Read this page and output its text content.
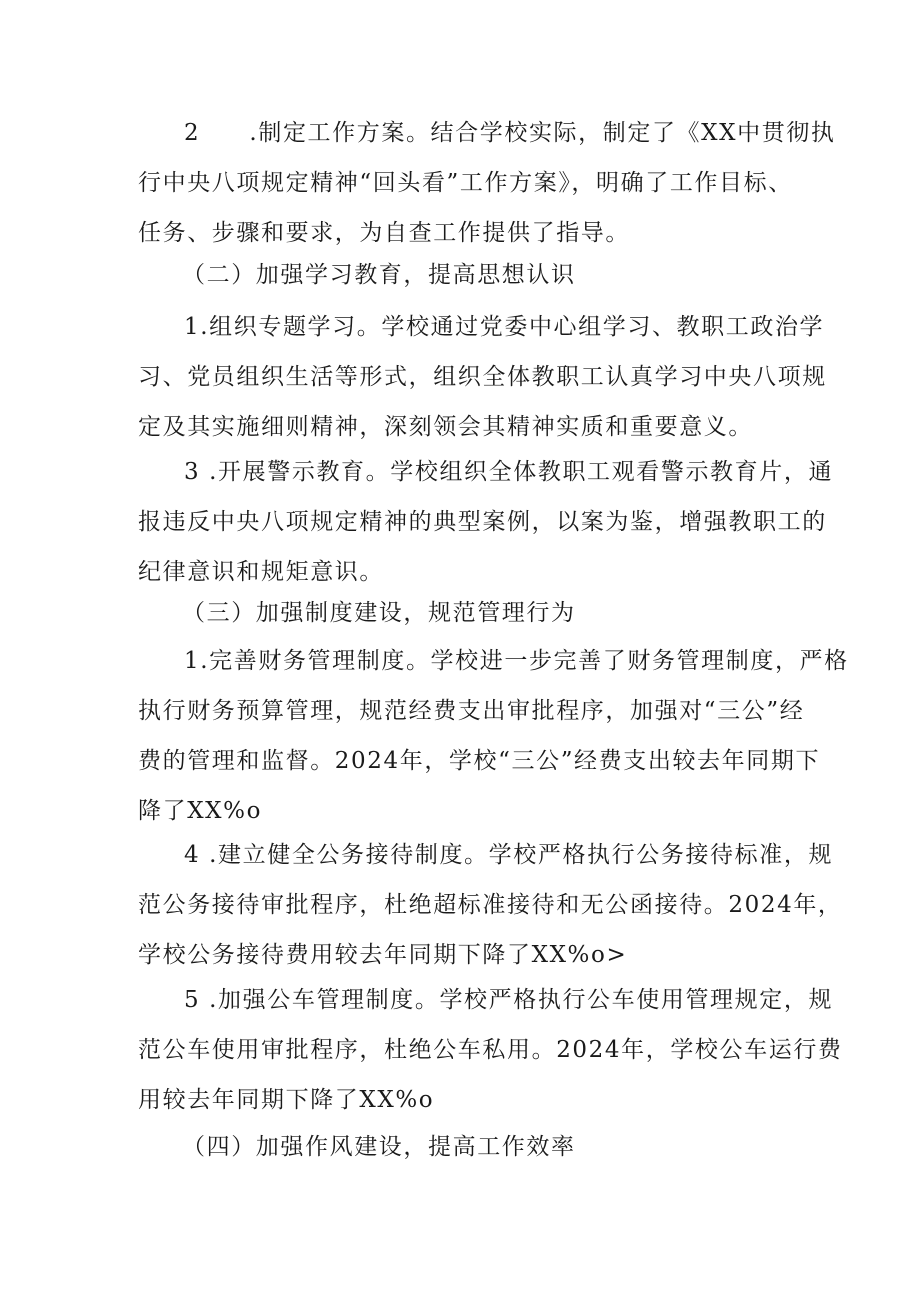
2　　.制定工作方案。结合学校实际，制定了《XX中贯彻执
行中央八项规定精神“回头看”工作方案》，明确了工作目标、
任务、步骤和要求，为自查工作提供了指导。
（二）加强学习教育，提高思想认识
1.组织专题学习。学校通过党委中心组学习、教职工政治学
习、党员组织生活等形式，组织全体教职工认真学习中央八项规
定及其实施细则精神，深刻领会其精神实质和重要意义。
3 .开展警示教育。学校组织全体教职工观看警示教育片，通
报违反中央八项规定精神的典型案例，以案为鉴，增强教职工的
纪律意识和规矩意识。
（三）加强制度建设，规范管理行为
1.完善财务管理制度。学校进一步完善了财务管理制度，严格
执行财务预算管理，规范经费支出审批程序，加强对“三公”经
费的管理和监督。2024年，学校“三公”经费支出较去年同期下
降了XX%o
4 .建立健全公务接待制度。学校严格执行公务接待标准，规
范公务接待审批程序，杜绝超标准接待和无公函接待。2024年，
学校公务接待费用较去年同期下降了XX%o>
5 .加强公车管理制度。学校严格执行公车使用管理规定，规
范公车使用审批程序，杜绝公车私用。2024年，学校公车运行费
用较去年同期下降了XX%o
（四）加强作风建设，提高工作效率
